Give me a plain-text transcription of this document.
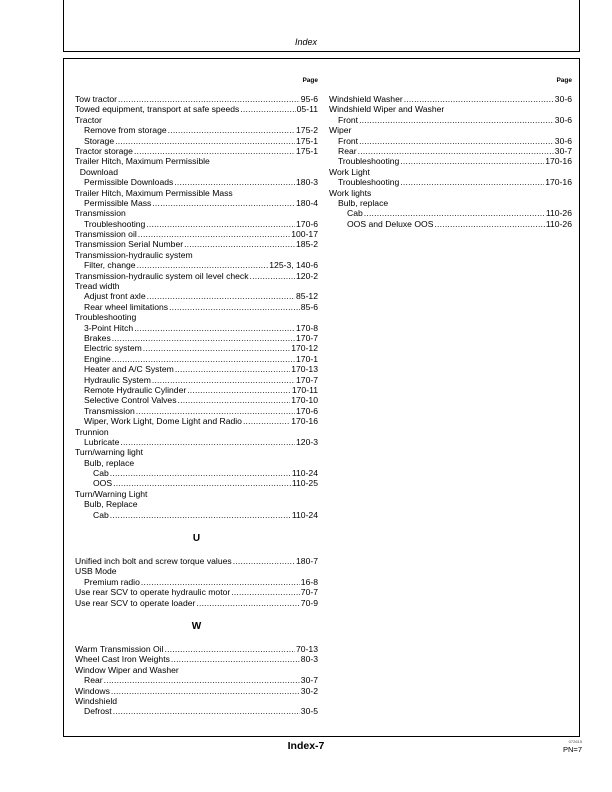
Index
Page
Tow tractor .....	95-6
Towed equipment, transport at safe speeds .....	05-11
Tractor
Remove from storage .....	175-2
Storage .....	175-1
Tractor storage .....	175-1
Trailer Hitch, Maximum Permissible
Download
Permissible Downloads .....	180-3
Trailer Hitch, Maximum Permissible Mass
Permissible Mass .....	180-4
Transmission
Troubleshooting .....	170-6
Transmission oil .....	100-17
Transmission Serial Number .....	185-2
Transmission-hydraulic system
Filter, change .....	125-3, 140-6
Transmission-hydraulic system oil level check .....	120-2
Tread width
Adjust front axle .....	85-12
Rear wheel limitations .....	85-6
Troubleshooting
3-Point Hitch .....	170-8
Brakes .....	170-7
Electric system .....	170-12
Engine .....	170-1
Heater and A/C System .....	170-13
Hydraulic System .....	170-7
Remote Hydraulic Cylinder .....	170-11
Selective Control Valves .....	170-10
Transmission .....	170-6
Wiper, Work Light, Dome Light and Radio .....	170-16
Trunnion
Lubricate .....	120-3
Turn/warning light
Bulb, replace
Cab .....	110-24
OOS .....	110-25
Turn/Warning Light
Bulb, Replace
Cab .....	110-24
U
Unified inch bolt and screw torque values .....	180-7
USB Mode
Premium radio .....	16-8
Use rear SCV to operate hydraulic motor .....	70-7
Use rear SCV to operate loader .....	70-9
W
Warm Transmission Oil .....	70-13
Wheel Cast Iron Weights .....	80-3
Window Wiper and Washer
Rear .....	30-7
Windows .....	30-2
Windshield
Defrost .....	30-5
Page
Windshield Washer .....	30-6
Windshield Wiper and Washer
Front .....	30-6
Wiper
Front .....	30-6
Rear .....	30-7
Troubleshooting .....	170-16
Work Light
Troubleshooting .....	170-16
Work lights
Bulb, replace
Cab .....	110-26
OOS and Deluxe OOS .....	110-26
Index-7	072615
PN=7
